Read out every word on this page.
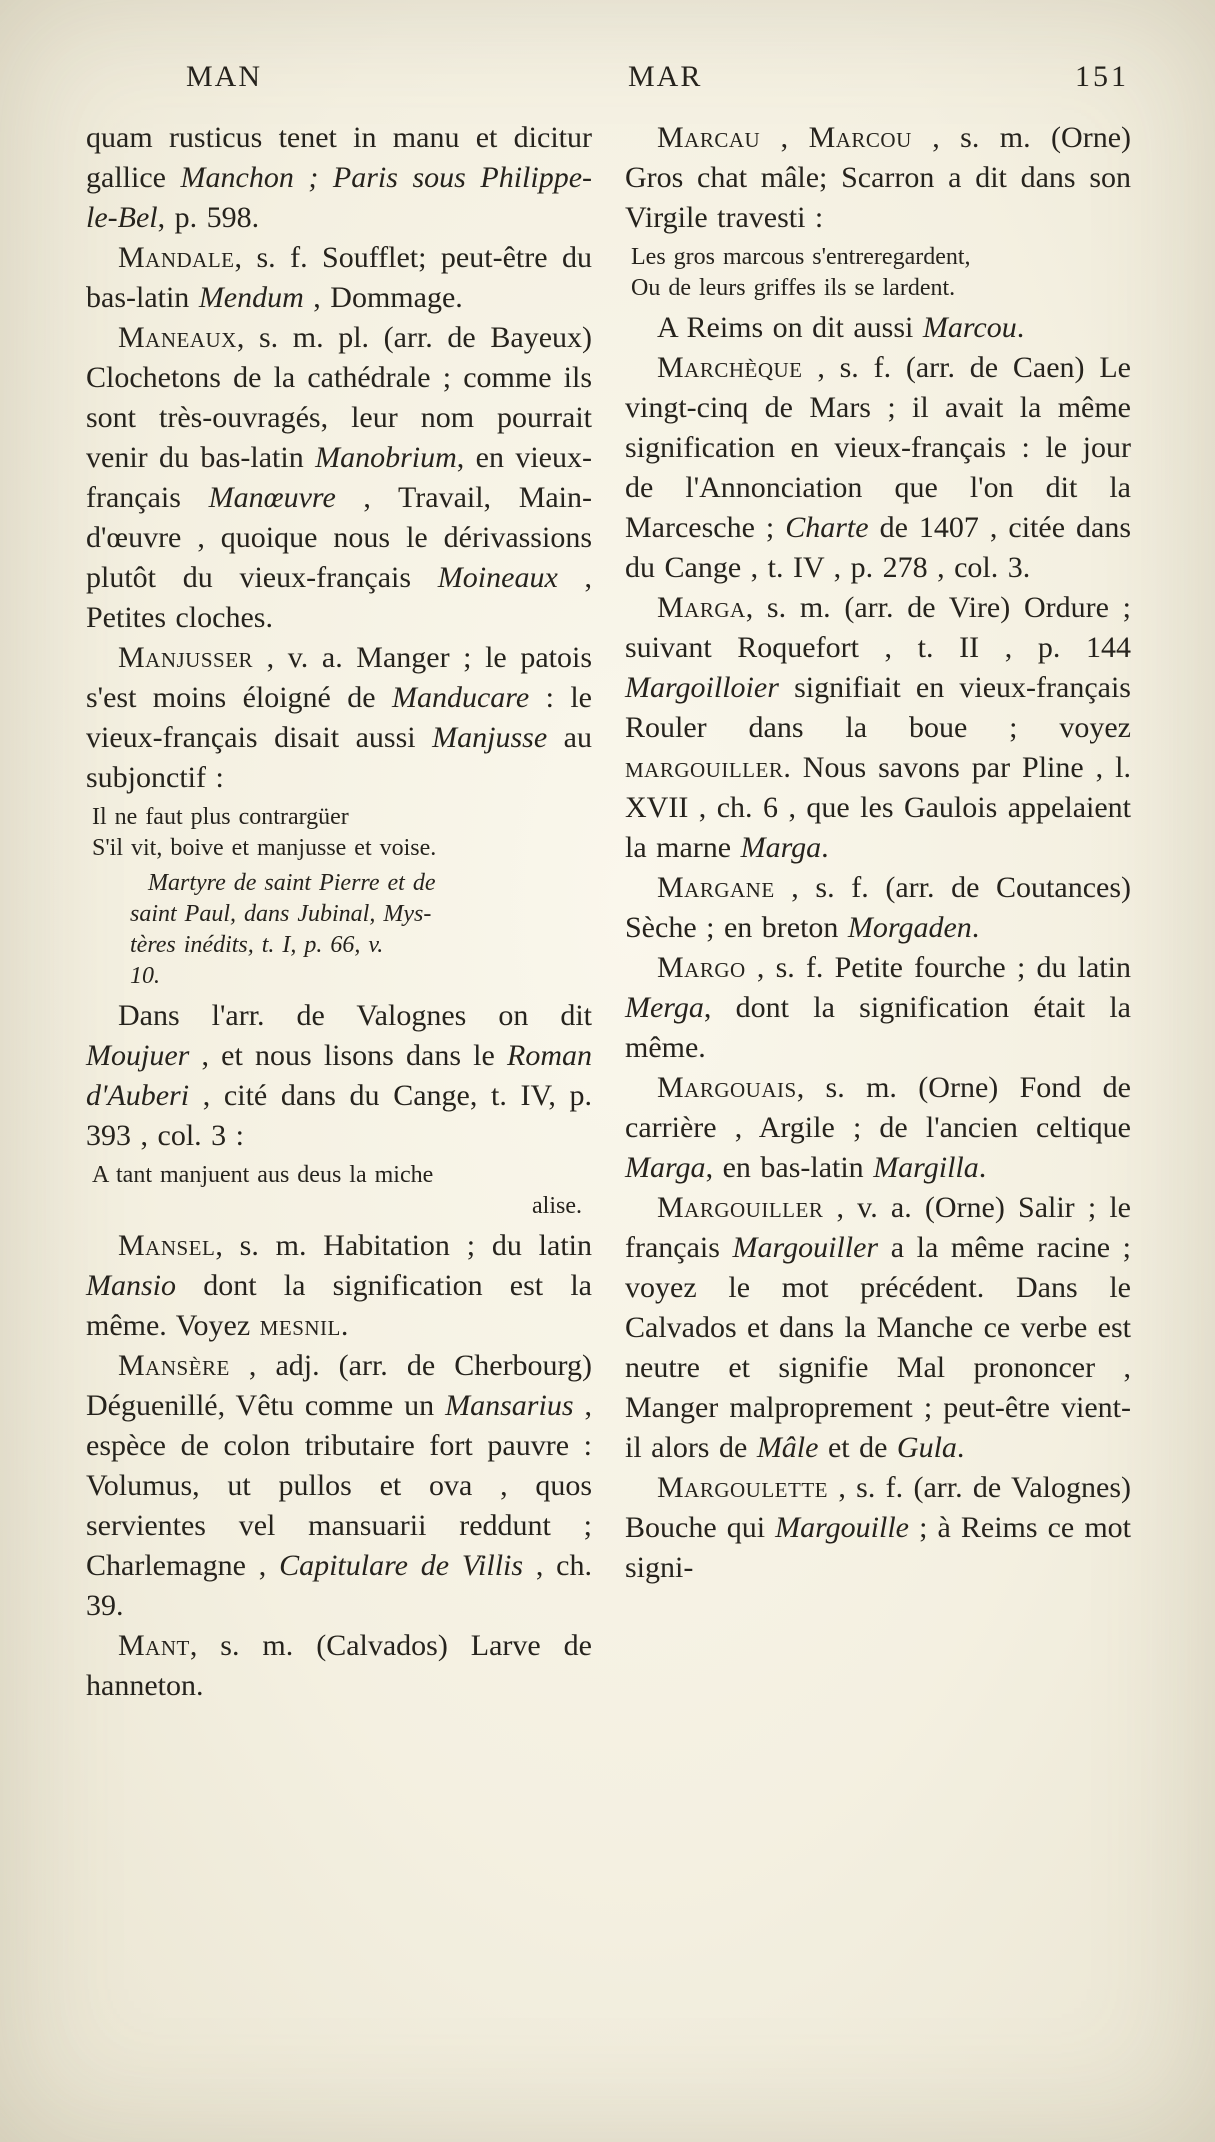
MAN	MAR	151

quam rusticus tenet in manu et dicitur gallice Manchon ; Paris sous Philippe-le-Bel, p. 598.

Mandale, s. f. Soufflet; peut-être du bas-latin Mendum , Dommage.

Maneaux, s. m. pl. (arr. de Bayeux) Clochetons de la cathédrale ; comme ils sont très-ouvragés, leur nom pourrait venir du bas-latin Manobrium, en vieux-français Manœuvre , Travail, Main-d'œuvre , quoique nous le dérivassions plutôt du vieux-français Moineaux , Petites cloches.

Manjusser , v. a. Manger ; le patois s'est moins éloigné de Manducare : le vieux-français disait aussi Manjusse au subjonctif :

Il ne faut plus contrargüer
S'il vit, boive et manjusse et voise.
Martyre de saint Pierre et de
saint Paul, dans Jubinal, Mys-
tères inédits, t. I, p. 66, v.
10.

Dans l'arr. de Valognes on dit Moujuer , et nous lisons dans le Roman d'Auberi , cité dans du Cange, t. IV, p. 393 , col. 3 :

A tant manjuent aus deus la miche
alise.

Mansel, s. m. Habitation ; du latin Mansio dont la signification est la même. Voyez mesnil.

Mansère , adj. (arr. de Cherbourg) Déguenillé, Vêtu comme un Mansarius , espèce de colon tributaire fort pauvre : Volumus, ut pullos et ova , quos servientes vel mansuarii reddunt ; Charlemagne , Capitulare de Villis , ch. 39.

Mant, s. m. (Calvados) Larve de hanneton.

Marcau , Marcou , s. m. (Orne) Gros chat mâle; Scarron a dit dans son Virgile travesti :

Les gros marcous s'entreregardent,
Ou de leurs griffes ils se lardent.

A Reims on dit aussi Marcou.

Marchèque , s. f. (arr. de Caen) Le vingt-cinq de Mars ; il avait la même signification en vieux-français : le jour de l'Annonciation que l'on dit la Marcesche ; Charte de 1407 , citée dans du Cange , t. IV , p. 278 , col. 3.

Marga, s. m. (arr. de Vire) Ordure ; suivant Roquefort , t. II , p. 144 Margoilloier signifiait en vieux-français Rouler dans la boue ; voyez margouiller. Nous savons par Pline , l. XVII , ch. 6 , que les Gaulois appelaient la marne Marga.

Margane , s. f. (arr. de Coutances) Sèche ; en breton Morgaden.

Margo , s. f. Petite fourche ; du latin Merga, dont la signification était la même.

Margouais, s. m. (Orne) Fond de carrière , Argile ; de l'ancien celtique Marga, en bas-latin Margilla.

Margouiller , v. a. (Orne) Salir ; le français Margouiller a la même racine ; voyez le mot précédent. Dans le Calvados et dans la Manche ce verbe est neutre et signifie Mal prononcer , Manger malproprement ; peut-être vient-il alors de Mâle et de Gula.

Margoulette , s. f. (arr. de Valognes) Bouche qui Margouille ; à Reims ce mot signi-
